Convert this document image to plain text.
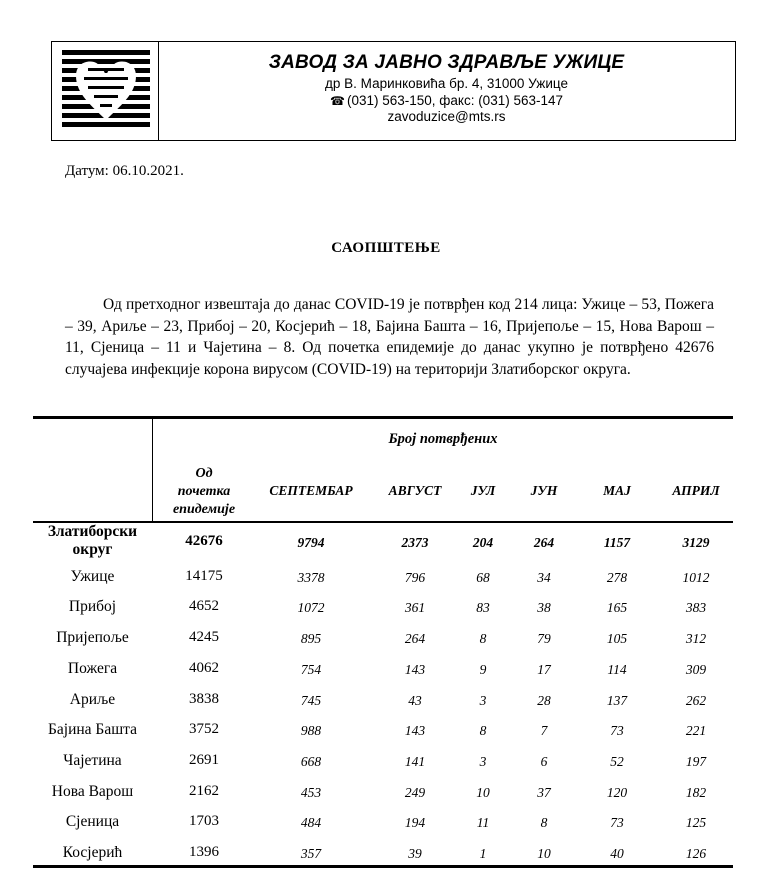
ЗАВОД ЗА ЈАВНО ЗДРАВЉЕ УЖИЦЕ
др В. Маринковића бр. 4, 31000 Ужице
☎ (031) 563-150, факс: (031) 563-147
zavoduzice@mts.rs
Датум: 06.10.2021.
САОПШТЕЊЕ
Од претходног извештаја до данас COVID-19 је потврђен код 214 лица: Ужице – 53, Пожега – 39, Ариље – 23, Прибој – 20, Косјерић – 18, Бајина Башта – 16, Пријепоље – 15, Нова Варош – 11, Сјеница – 11 и Чајетина – 8. Од почетка епидемије до данас укупно је потврђено 42676 случајева инфекције корона вирусом (COVID-19) на територији Златиборског округа.
Број потврђених
Од
почетка
епидемије
СЕПТЕМБАР	АВГУСТ	ЈУЛ	ЈУН	МАЈ	АПРИЛ
Златиборски
округ	42676	9794	2373	204	264	1157	3129
Ужице	14175	3378	796	68	34	278	1012
Прибој	4652	1072	361	83	38	165	383
Пријепоље	4245	895	264	8	79	105	312
Пожега	4062	754	143	9	17	114	309
Ариље	3838	745	43	3	28	137	262
Бајина Башта	3752	988	143	8	7	73	221
Чајетина	2691	668	141	3	6	52	197
Нова Варош	2162	453	249	10	37	120	182
Сјеница	1703	484	194	11	8	73	125
Косјерић	1396	357	39	1	10	40	126
